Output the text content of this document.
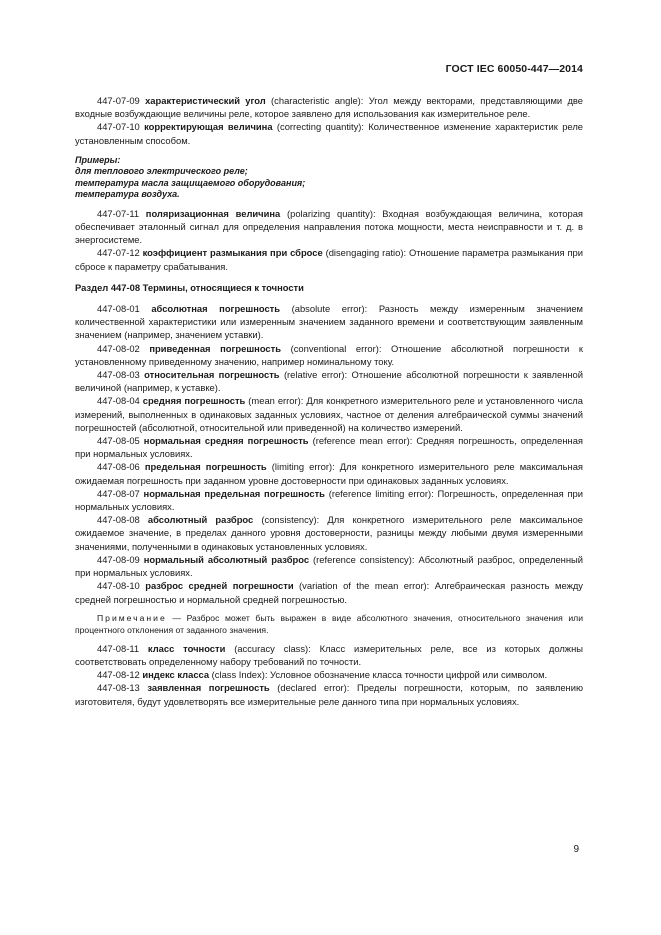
ГОСТ IEC 60050-447—2014

447-07-09 характеристический угол (characteristic angle): Угол между векторами, представляющими две входные возбуждающие величины реле, которое заявлено для использования как измерительное реле.

447-07-10 корректирующая величина (correcting quantity): Количественное изменение характеристик реле установленным способом.

Примеры:
для теплового электрического реле;
температура масла защищаемого оборудования;
температура воздуха.

447-07-11 поляризационная величина (polarizing quantity): Входная возбуждающая величина, которая обеспечивает эталонный сигнал для определения направления потока мощности, места неисправности и т. д. в энергосистеме.

447-07-12 коэффициент размыкания при сбросе (disengaging ratio): Отношение параметра размыкания при сбросе к параметру срабатывания.

Раздел 447-08 Термины, относящиеся к точности

447-08-01 абсолютная погрешность (absolute error): Разность между измеренным значением количественной характеристики или измеренным значением заданного времени и соответствующим заявленным значением (например, значением уставки).

447-08-02 приведенная погрешность (conventional error): Отношение абсолютной погрешности к установленному приведенному значению, например номинальному току.

447-08-03 относительная погрешность (relative error): Отношение абсолютной погрешности к заявленной величиной (например, к уставке).

447-08-04 средняя погрешность (mean error): Для конкретного измерительного реле и установленного числа измерений, выполненных в одинаковых заданных условиях, частное от деления алгебраической суммы значений погрешностей (абсолютной, относительной или приведенной) на количество измерений.

447-08-05 нормальная средняя погрешность (reference mean error): Средняя погрешность, определенная при нормальных условиях.

447-08-06 предельная погрешность (limiting error): Для конкретного измерительного реле максимальная ожидаемая погрешность при заданном уровне достоверности при одинаковых заданных условиях.

447-08-07 нормальная предельная погрешность (reference limiting error): Погрешность, определенная при нормальных условиях.

447-08-08 абсолютный разброс (consistency): Для конкретного измерительного реле максимальное ожидаемое значение, в пределах данного уровня достоверности, разницы между любыми двумя измеренными значениями, полученными в одинаковых установленных условиях.

447-08-09 нормальный абсолютный разброс (reference consistency): Абсолютный разброс, определенный при нормальных условиях.

447-08-10 разброс средней погрешности (variation of the mean error): Алгебраическая разность между средней погрешностью и нормальной средней погрешностью.

Примечание — Разброс может быть выражен в виде абсолютного значения, относительного значения или процентного отклонения от заданного значения.

447-08-11 класс точности (accuracy class): Класс измерительных реле, все из которых должны соответствовать определенному набору требований по точности.

447-08-12 индекс класса (class Index): Условное обозначение класса точности цифрой или символом.

447-08-13 заявленная погрешность (declared error): Пределы погрешности, которым, по заявлению изготовителя, будут удовлетворять все измерительные реле данного типа при нормальных условиях.

9
